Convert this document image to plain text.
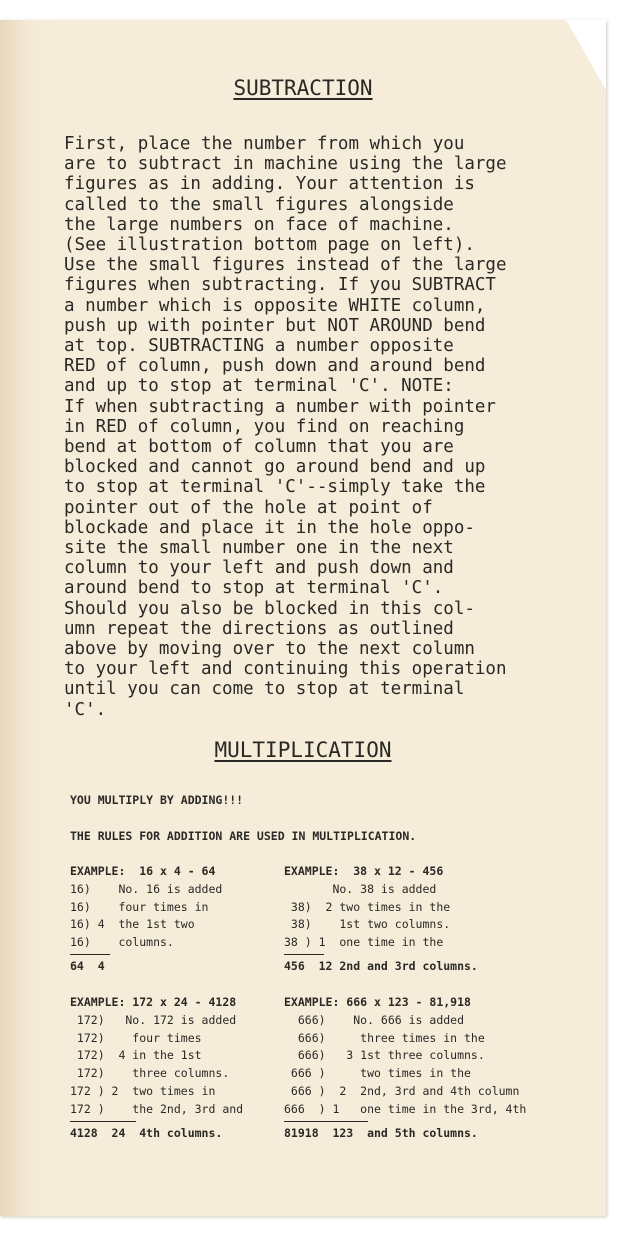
SUBTRACTION
First, place the number from which you
are to subtract in machine using the large
figures as in adding. Your attention is
called to the small figures alongside
the large numbers on face of machine.
(See illustration bottom page on left).
Use the small figures instead of the large
figures when subtracting. If you SUBTRACT
a number which is opposite WHITE column,
push up with pointer but NOT AROUND bend
at top. SUBTRACTING a number opposite
RED of column, push down and around bend
and up to stop at terminal 'C'. NOTE:
If when subtracting a number with pointer
in RED of column, you find on reaching
bend at bottom of column that you are
blocked and cannot go around bend and up
to stop at terminal 'C'--simply take the
pointer out of the hole at point of
blockade and place it in the hole oppo-
site the small number one in the next
column to your left and push down and
around bend to stop at terminal 'C'.
Should you also be blocked in this col-
umn repeat the directions as outlined
above by moving over to the next column
to your left and continuing this operation
until you can come to stop at terminal
'C'.
MULTIPLICATION
YOU MULTIPLY BY ADDING!!!
THE RULES FOR ADDITION ARE USED IN MULTIPLICATION.
EXAMPLE:  16 x 4 - 64
16)    No. 16 is added
16)    four times in
16) 4  the 1st two
16)    columns.
64  4
EXAMPLE:  38 x 12 - 456
No. 38 is added
38)  2 two times in the
38)    1st two columns.
38 ) 1  one time in the
456  12 2nd and 3rd columns.
EXAMPLE: 172 x 24 - 4128
172)   No. 172 is added
172)    four times
172)  4 in the 1st
172)    three columns.
172 ) 2  two times in
172 )    the 2nd, 3rd and
4128  24  4th columns.
EXAMPLE: 666 x 123 - 81,918
666)    No. 666 is added
666)     three times in the
666)   3 1st three columns.
666 )     two times in the
666 )  2  2nd, 3rd and 4th column
666  ) 1   one time in the 3rd, 4th
81918  123  and 5th columns.
